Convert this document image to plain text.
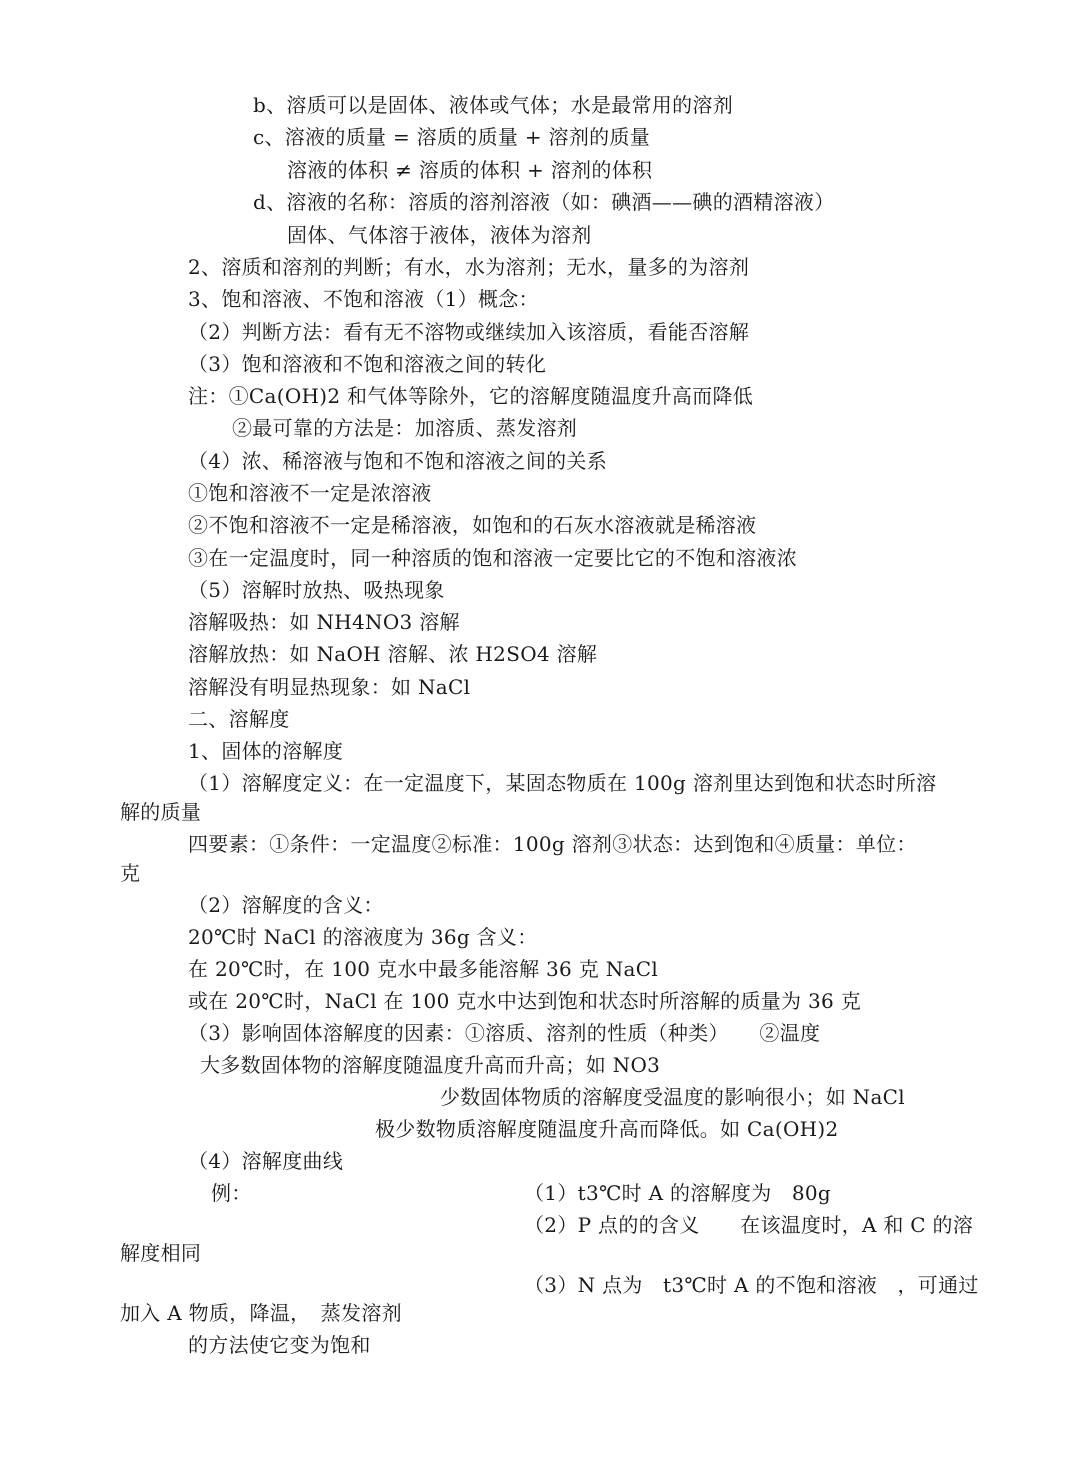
b、溶质可以是固体、液体或气体；水是最常用的溶剂
c、溶液的质量 = 溶质的质量 + 溶剂的质量
溶液的体积 ≠ 溶质的体积 + 溶剂的体积
d、溶液的名称：溶质的溶剂溶液（如：碘酒——碘的酒精溶液）
固体、气体溶于液体，液体为溶剂
2、溶质和溶剂的判断；有水，水为溶剂；无水，量多的为溶剂
3、饱和溶液、不饱和溶液（1）概念：
（2）判断方法：看有无不溶物或继续加入该溶质，看能否溶解
（3）饱和溶液和不饱和溶液之间的转化
注：①Ca(OH)2 和气体等除外，它的溶解度随温度升高而降低
②最可靠的方法是：加溶质、蒸发溶剂
（4）浓、稀溶液与饱和不饱和溶液之间的关系
①饱和溶液不一定是浓溶液
②不饱和溶液不一定是稀溶液，如饱和的石灰水溶液就是稀溶液
③在一定温度时，同一种溶质的饱和溶液一定要比它的不饱和溶液浓
（5）溶解时放热、吸热现象
溶解吸热：如 NH4NO3 溶解
溶解放热：如 NaOH 溶解、浓 H2SO4 溶解
溶解没有明显热现象：如 NaCl
二、溶解度
1、固体的溶解度
（1）溶解度定义：在一定温度下，某固态物质在 100g 溶剂里达到饱和状态时所溶
解的质量
四要素：①条件：一定温度②标准：100g 溶剂③状态：达到饱和④质量：单位：
克
（2）溶解度的含义：
20℃时 NaCl 的溶液度为 36g 含义：
在 20℃时，在 100 克水中最多能溶解 36 克 NaCl
或在 20℃时，NaCl 在 100 克水中达到饱和状态时所溶解的质量为 36 克
（3）影响固体溶解度的因素：①溶质、溶剂的性质（种类）　　②温度
大多数固体物的溶解度随温度升高而升高；如 NO3
少数固体物质的溶解度受温度的影响很小；如 NaCl
极少数物质溶解度随温度升高而降低。如 Ca(OH)2
（4）溶解度曲线
例：	（1）t3℃时 A 的溶解度为　80g
（2）P 点的的含义　　在该温度时，A 和 C 的溶
解度相同
（3）N 点为　t3℃时 A 的不饱和溶液　，可通过
加入 A 物质，降温，　蒸发溶剂
的方法使它变为饱和
